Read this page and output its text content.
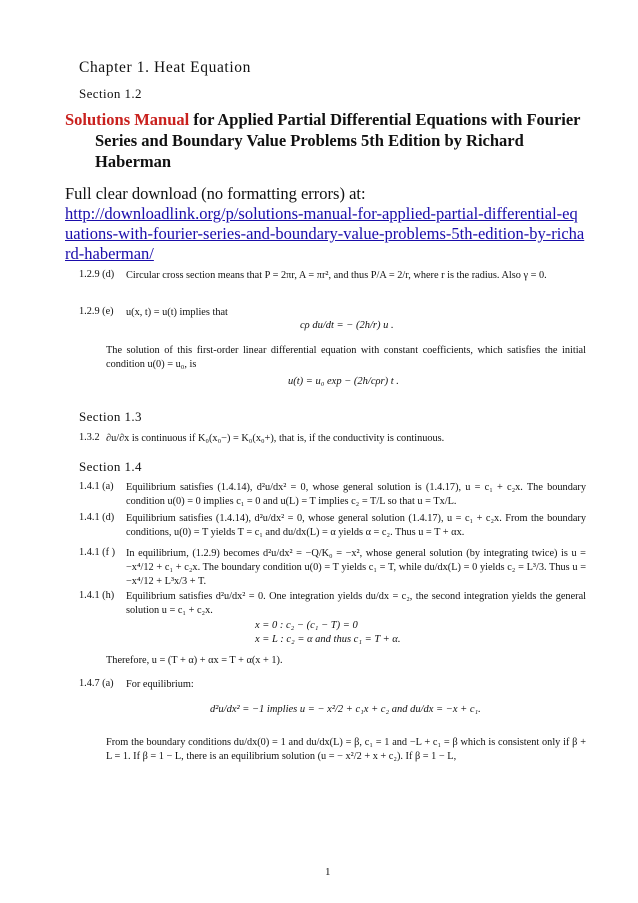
Chapter 1. Heat Equation
Section 1.2
Solutions Manual for Applied Partial Differential Equations with Fourier
Series and Boundary Value Problems 5th Edition by Richard
Haberman
Full clear download (no formatting errors) at:
http://downloadlink.org/p/solutions-manual-for-applied-partial-differential-equations-with-fourier-series-and-boundary-value-problems-5th-edition-by-richard-haberman/
1.2.9 (d) Circular cross section means that P = 2πr, A = πr², and thus P/A = 2/r, where r is the radius. Also γ = 0.
1.2.9 (e) u(x, t) = u(t) implies that
cρ du/dt = − (2h/r) u .
The solution of this first-order linear differential equation with constant coefficients, which satisfies the initial condition u(0) = u₀, is
u(t) = u₀ exp − (2h/cρr) t .
Section 1.3
1.3.2 ∂u/∂x is continuous if K₀(x₀−) = K₀(x₀+), that is, if the conductivity is continuous.
Section 1.4
1.4.1 (a) Equilibrium satisfies (1.4.14), d²u/dx² = 0, whose general solution is (1.4.17), u = c₁ + c₂x. The boundary condition u(0) = 0 implies c₁ = 0 and u(L) = T implies c₂ = T/L so that u = Tx/L.
1.4.1 (d) Equilibrium satisfies (1.4.14), d²u/dx² = 0, whose general solution (1.4.17), u = c₁ + c₂x. From the boundary conditions, u(0) = T yields T = c₁ and du/dx(L) = α yields α = c₂. Thus u = T + αx.
1.4.1 (f ) In equilibrium, (1.2.9) becomes d²u/dx² = −Q/K₀ = −x², whose general solution (by integrating twice) is u = −x⁴/12 + c₁ + c₂x. The boundary condition u(0) = T yields c₁ = T, while du/dx(L) = 0 yields c₂ = L³/3. Thus u = −x⁴/12 + L³x/3 + T.
1.4.1 (h) Equilibrium satisfies d²u/dx² = 0. One integration yields du/dx = c₂, the second integration yields the general solution u = c₁ + c₂x.
x = 0 : c₂ − (c₁ − T) = 0
x = L : c₂ = α and thus c₁ = T + α.
Therefore, u = (T + α) + αx = T + α(x + 1).
1.4.7 (a) For equilibrium:
d²u/dx² = −1 implies u = − x²/2 + c₁x + c₂ and du/dx = −x + c₁.
From the boundary conditions du/dx(0) = 1 and du/dx(L) = β, c₁ = 1 and −L + c₁ = β which is consistent only if β + L = 1. If β = 1 − L, there is an equilibrium solution (u = − x²/2 + x + c₂). If β = 1 − L,
1
